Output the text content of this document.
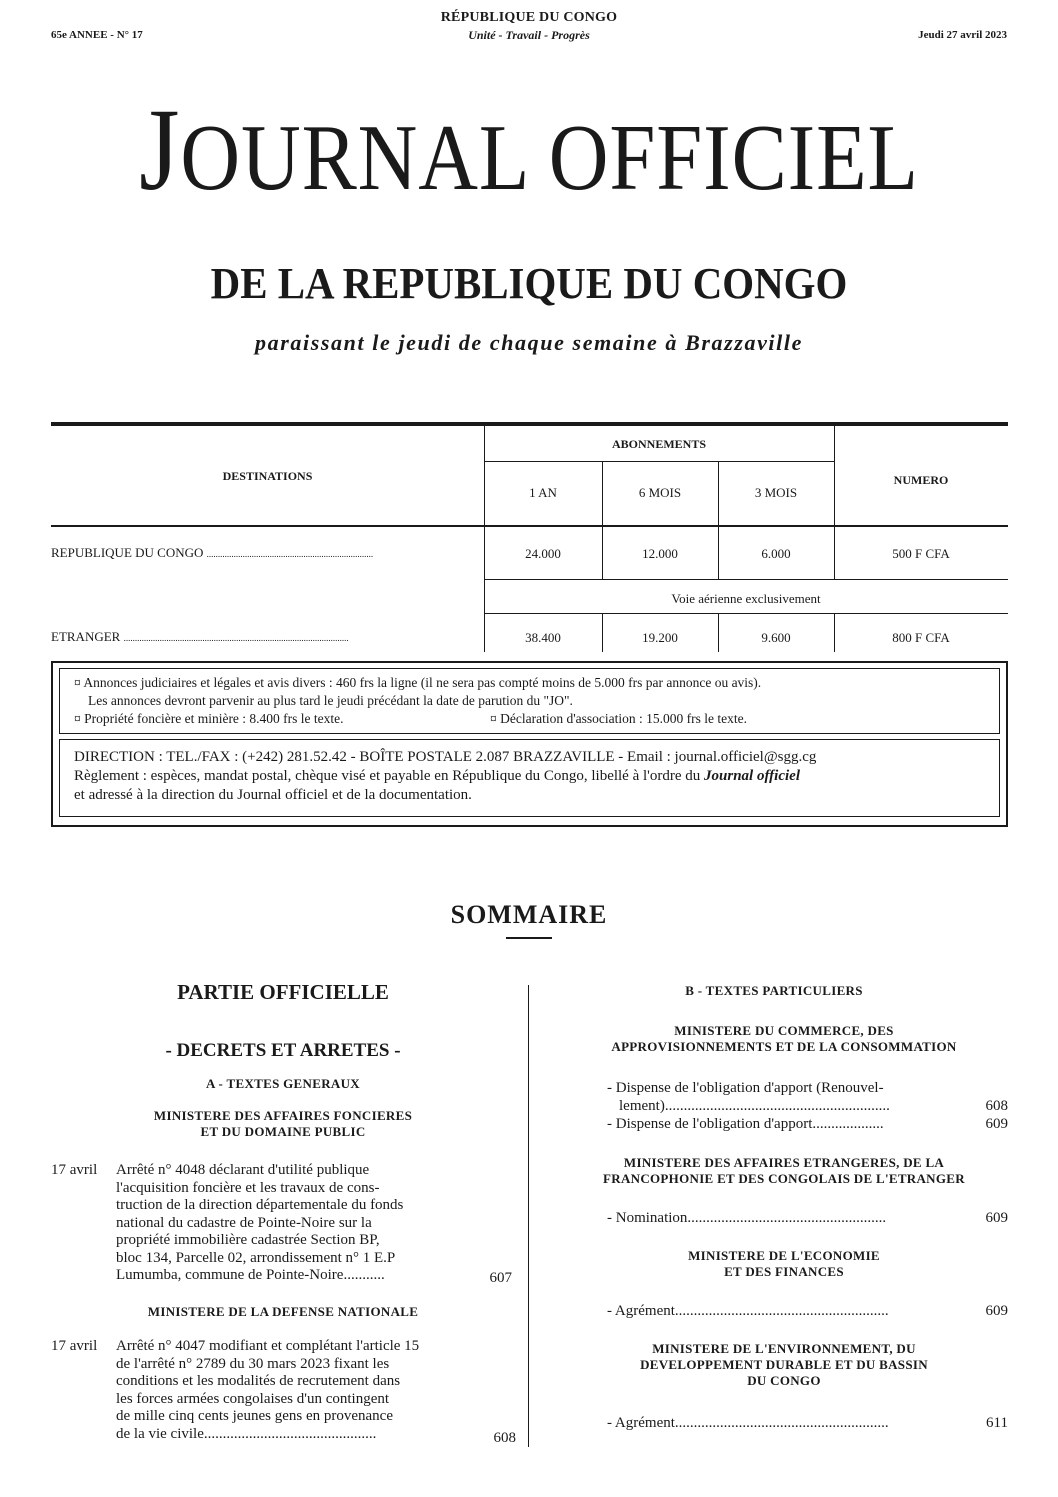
65e ANNEE - N° 17
RÉPUBLIQUE DU CONGO
Unité - Travail - Progrès	Jeudi 27 avril 2023
JOURNAL OFFICIEL
DE LA REPUBLIQUE DU CONGO
paraissant le jeudi de chaque semaine à Brazzaville
DESTINATIONS
ABONNEMENTS
NUMERO
1 AN	6 MOIS	3 MOIS
REPUBLIQUE DU CONGO ..........................................................................	24.000	12.000	6.000	500 F CFA
Voie aérienne exclusivement
ETRANGER ....................................................................................................	38.400	19.200	9.600	800 F CFA
¤ Annonces judiciaires et légales et avis divers : 460 frs la ligne (il ne sera pas compté moins de 5.000 frs par annonce ou avis).
Les annonces devront parvenir au plus tard le jeudi précédant la date de parution du "JO".
¤ Propriété foncière et minière : 8.400 frs le texte.	¤ Déclaration d'association : 15.000 frs le texte.
DIRECTION : TEL./FAX : (+242) 281.52.42 - BOÎTE POSTALE 2.087 BRAZZAVILLE - Email : journal.officiel@sgg.cg
Règlement : espèces, mandat postal, chèque visé et payable en République du Congo, libellé à l'ordre du Journal officiel
et adressé à la direction du Journal officiel et de la documentation.
SOMMAIRE
PARTIE OFFICIELLE
- DECRETS ET ARRETES -
A - TEXTES GENERAUX
MINISTERE DES AFFAIRES FONCIERES
ET DU DOMAINE PUBLIC
17 avril Arrêté n° 4048 déclarant d'utilité publique
l'acquisition foncière et les travaux de cons-
truction de la direction départementale du fonds
national du cadastre de Pointe-Noire sur la
propriété immobilière cadastrée Section BP,
bloc 134, Parcelle 02, arrondissement n° 1 E.P
Lumumba, commune de Pointe-Noire...........	607
MINISTERE DE LA DEFENSE NATIONALE
17 avril Arrêté n° 4047 modifiant et complétant l'article 15
de l'arrêté n° 2789 du 30 mars 2023 fixant les
conditions et les modalités de recrutement dans
les forces armées congolaises d'un contingent
de mille cinq cents jeunes gens en provenance
de la vie civile..............................................	608
B - TEXTES PARTICULIERS
MINISTERE DU COMMERCE, DES
APPROVISIONNEMENTS ET DE LA CONSOMMATION
- Dispense de l'obligation d'apport (Renouvel-
lement)............................................................	608
- Dispense de l'obligation d'apport...................	609
MINISTERE DES AFFAIRES ETRANGERES, DE LA
FRANCOPHONIE ET DES CONGOLAIS DE L'ETRANGER
- Nomination.....................................................	609
MINISTERE DE L'ECONOMIE
ET DES FINANCES
- Agrément.........................................................	609
MINISTERE DE L'ENVIRONNEMENT, DU
DEVELOPPEMENT DURABLE ET DU BASSIN
DU CONGO
- Agrément.........................................................	611
